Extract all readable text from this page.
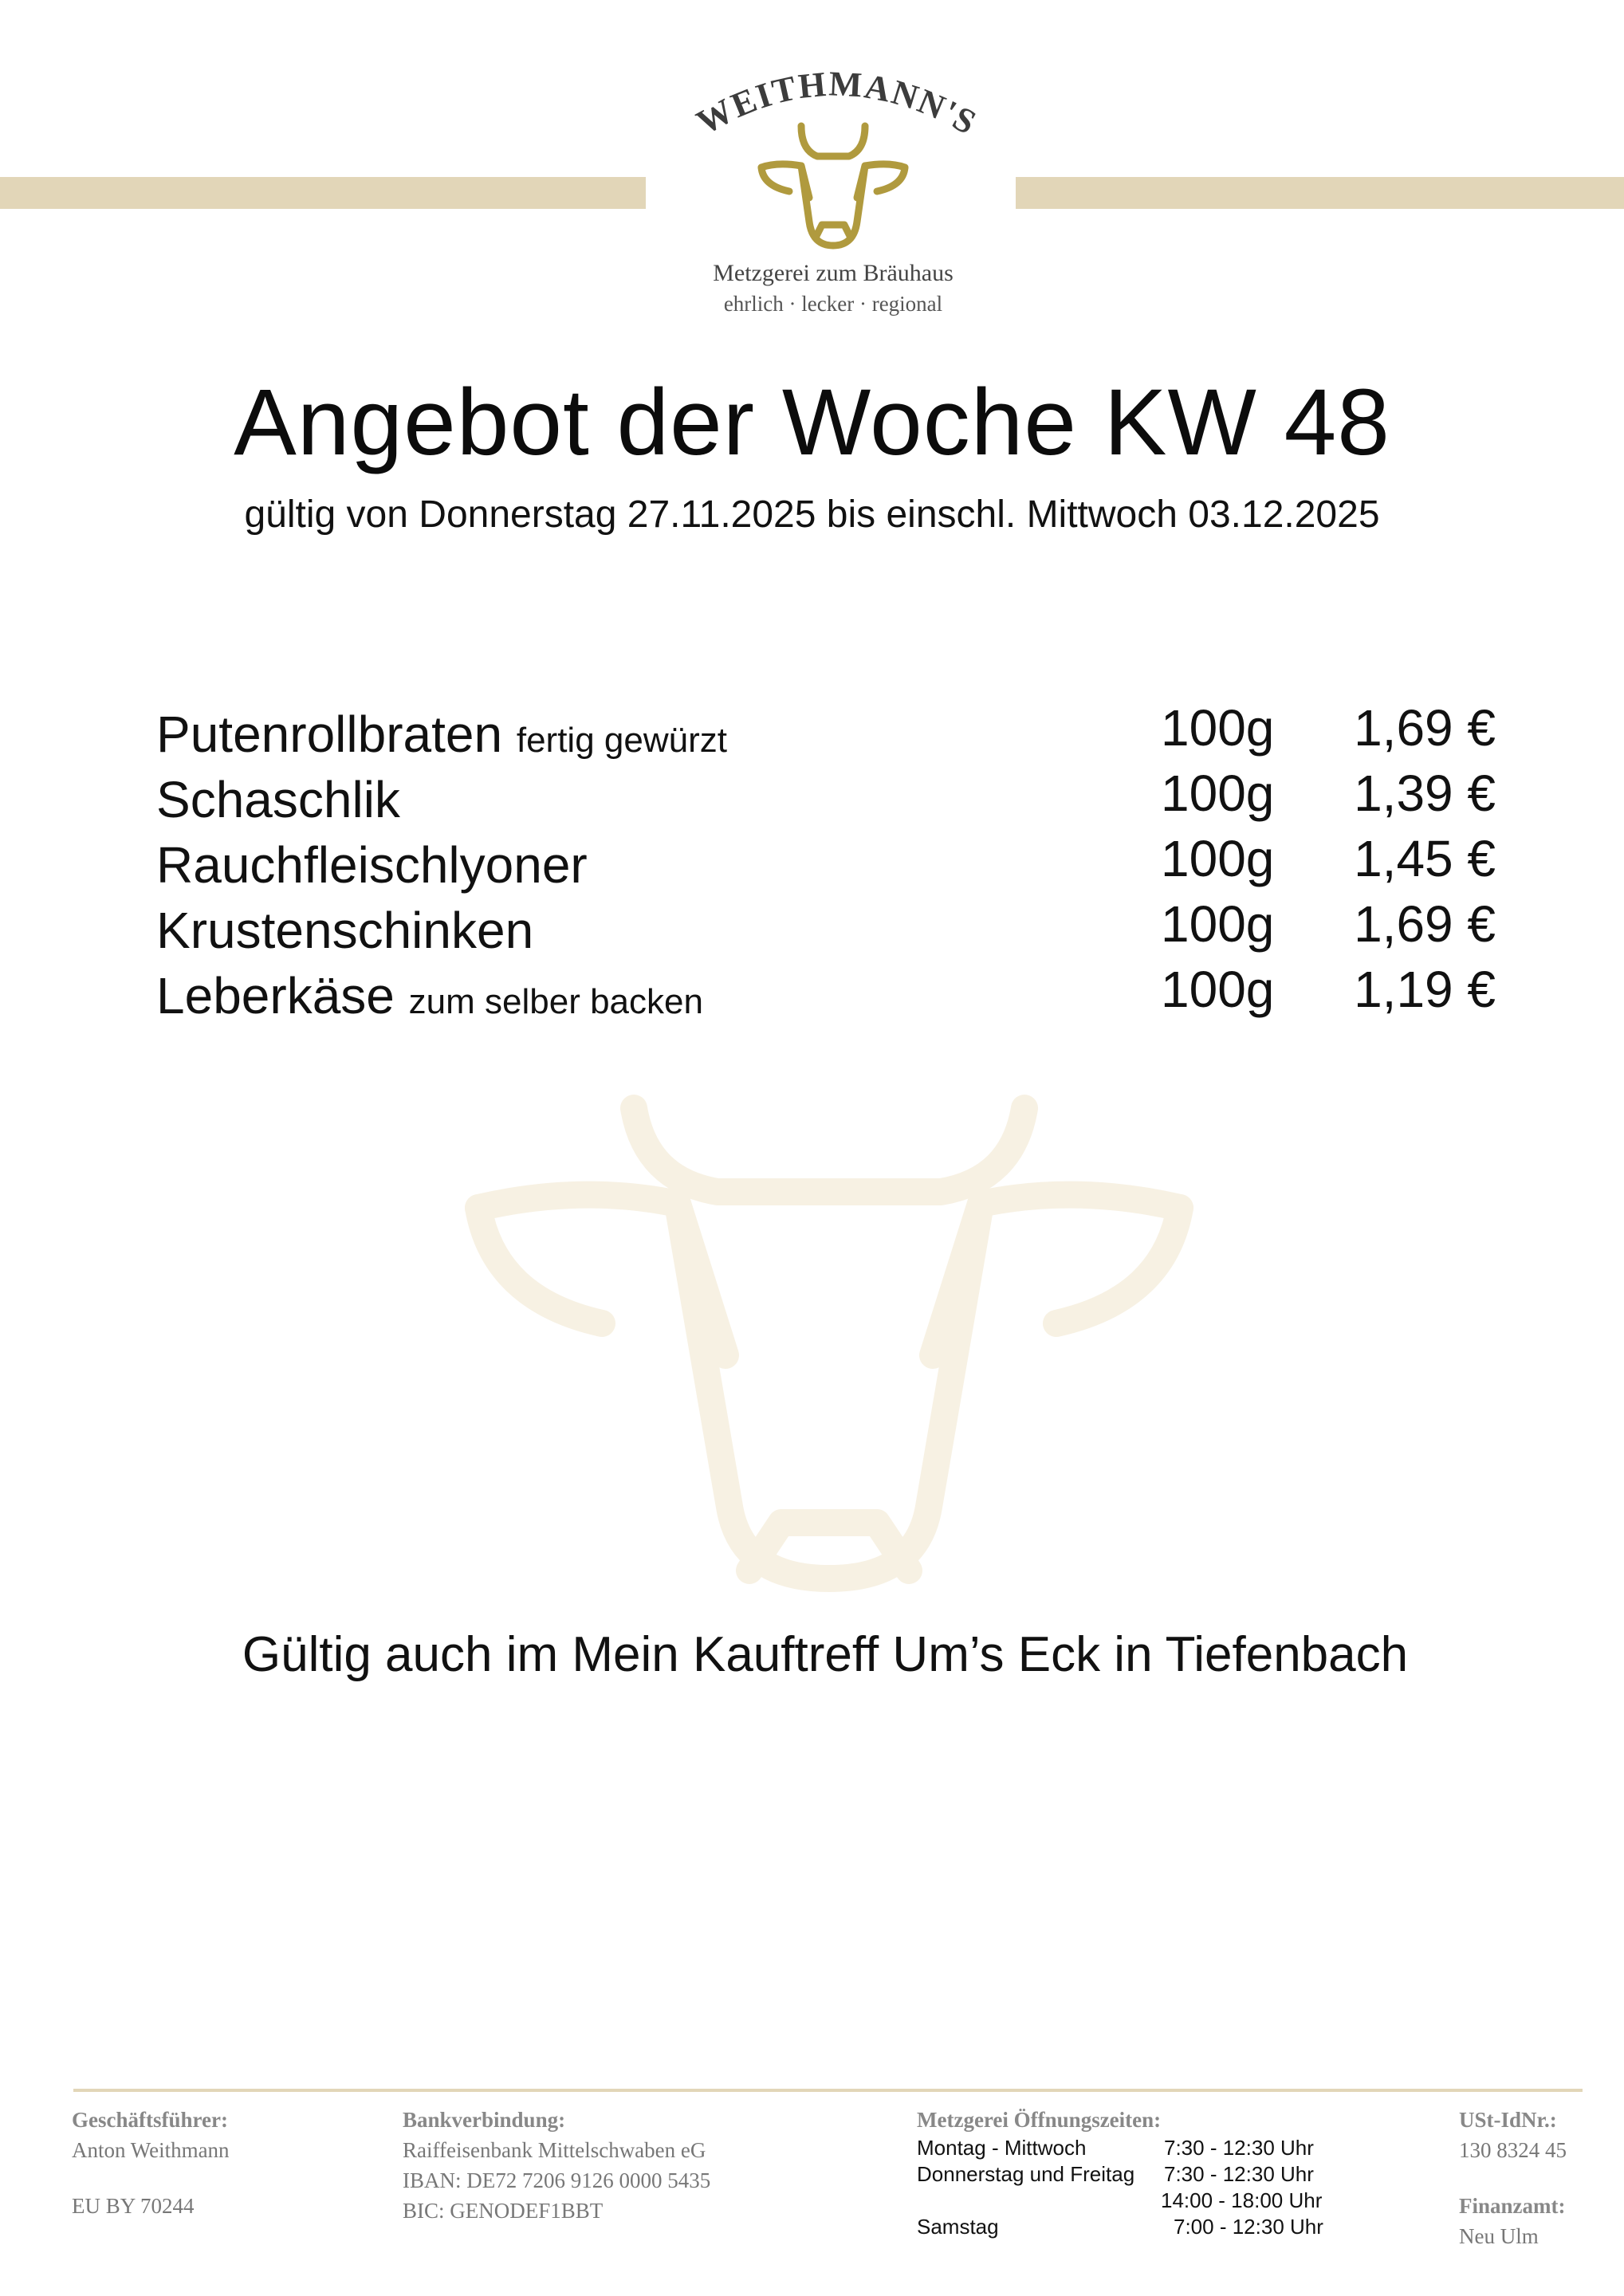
WEITHMANN'S
Metzgerei zum Bräuhaus
ehrlich · lecker · regional
Angebot der Woche KW 48
gültig von Donnerstag 27.11.2025 bis einschl. Mittwoch 03.12.2025
Putenrollbraten fertig gewürzt	100g 1,69 €
Schaschlik	100g 1,39 €
Rauchfleischlyoner	100g 1,45 €
Krustenschinken	100g 1,69 €
Leberkäse zum selber backen	100g 1,19 €
Gültig auch im Mein Kauftreff Um’s Eck in Tiefenbach
Geschäftsführer:
Anton Weithmann
EU BY 70244
Bankverbindung:
Raiffeisenbank Mittelschwaben eG
IBAN: DE72 7206 9126 0000 5435
BIC: GENODEF1BBT
Metzgerei Öffnungszeiten:
Montag - Mittwoch	7:30 - 12:30 Uhr
Donnerstag und Freitag 7:30 - 12:30 Uhr
14:00 - 18:00 Uhr
Samstag	7:00 - 12:30 Uhr
USt-IdNr.:
130 8324 45
Finanzamt:
Neu Ulm
